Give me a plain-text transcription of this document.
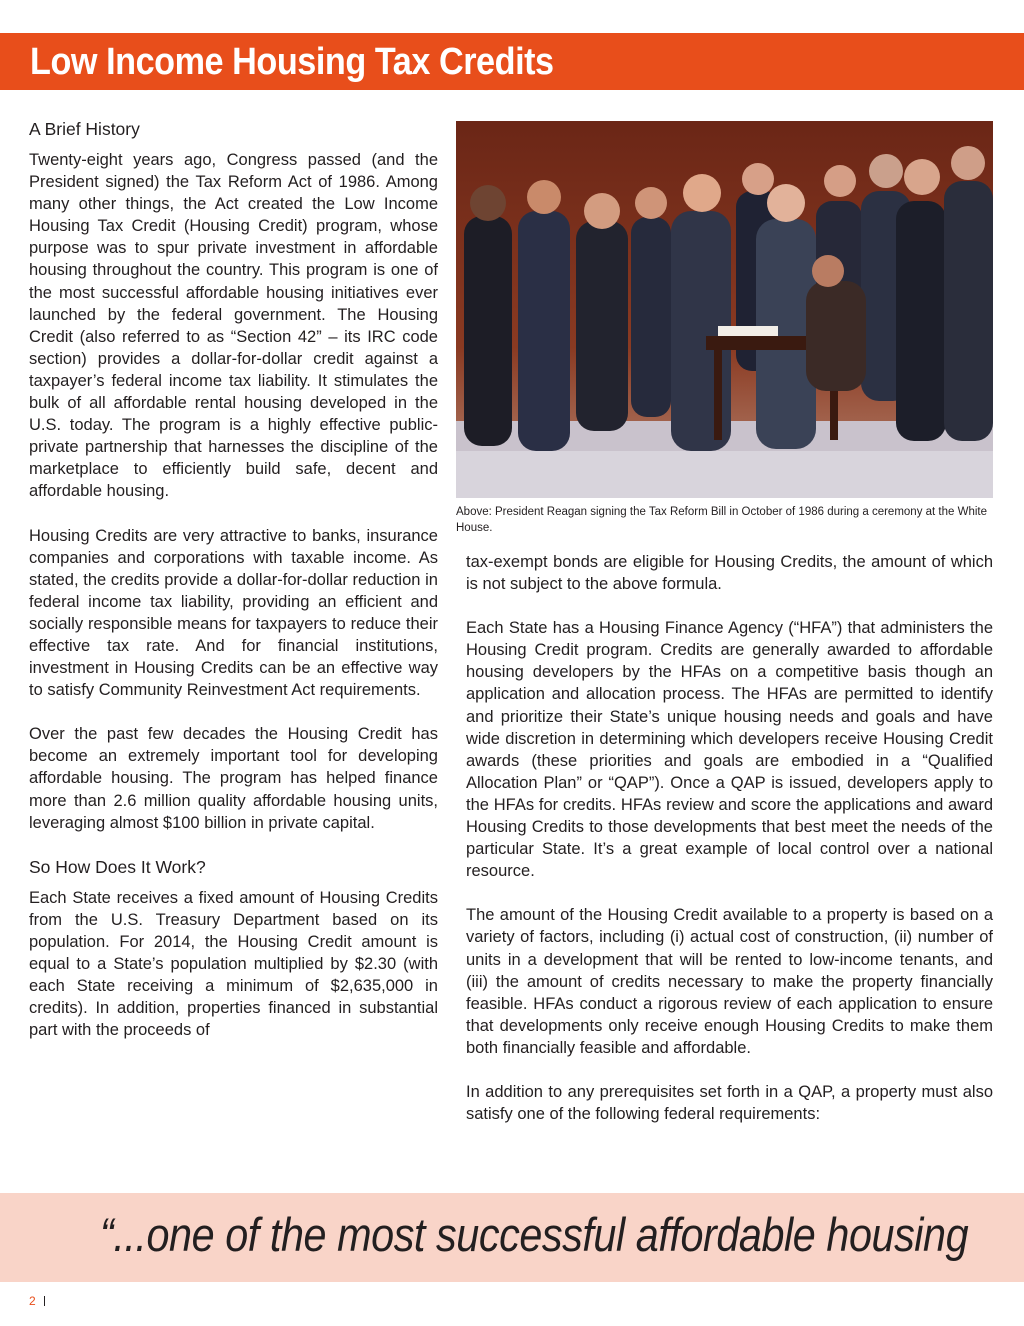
Low Income Housing Tax Credits
A Brief History

Twenty-eight years ago, Congress passed (and the President signed) the Tax Reform Act of 1986. Among many other things, the Act created the Low Income Housing Tax Credit (Housing Credit) program, whose purpose was to spur private investment in affordable housing throughout the country. This program is one of the most successful affordable housing initiatives ever launched by the federal government. The Housing Credit (also referred to as “Section 42” – its IRC code section) provides a dollar-for-dollar credit against a taxpayer’s federal income tax liability. It stimulates the bulk of all affordable rental housing developed in the U.S. today. The program is a highly effective public-private partnership that harnesses the discipline of the marketplace to efficiently build safe, decent and affordable housing.

Housing Credits are very attractive to banks, insurance companies and corporations with taxable income. As stated, the credits provide a dollar-for-dollar reduction in federal income tax liability, providing an efficient and socially responsible means for taxpayers to reduce their effective tax rate. And for financial institutions, investment in Housing Credits can be an effective way to satisfy Community Reinvestment Act requirements.

Over the past few decades the Housing Credit has become an extremely important tool for developing affordable housing. The program has helped finance more than 2.6 million quality affordable housing units, leveraging almost $100 billion in private capital.

So How Does It Work?

Each State receives a fixed amount of Housing Credits from the U.S. Treasury Department based on its population. For 2014, the Housing Credit amount is equal to a State’s population multiplied by $2.30 (with each State receiving a minimum of $2,635,000 in credits). In addition, properties financed in substantial part with the proceeds of

Above: President Reagan signing the Tax Reform Bill in October of 1986 during a ceremony at the White House.

tax-exempt bonds are eligible for Housing Credits, the amount of which is not subject to the above formula.

Each State has a Housing Finance Agency (“HFA”) that administers the Housing Credit program. Credits are generally awarded to affordable housing developers by the HFAs on a competitive basis though an application and allocation process. The HFAs are permitted to identify and prioritize their State’s unique housing needs and goals and have wide discretion in determining which developers receive Housing Credit awards (these priorities and goals are embodied in a “Qualified Allocation Plan” or “QAP”). Once a QAP is issued, developers apply to the HFAs for credits. HFAs review and score the applications and award Housing Credits to those developments that best meet the needs of the particular State. It’s a great example of local control over a national resource.

The amount of the Housing Credit available to a property is based on a variety of factors, including (i) actual cost of construction, (ii) number of units in a development that will be rented to low-income tenants, and (iii) the amount of credits necessary to make the property financially feasible. HFAs conduct a rigorous review of each application to ensure that developments only receive enough Housing Credits to make them both financially feasible and affordable.

In addition to any prerequisites set forth in a QAP, a property must also satisfy one of the following federal requirements:

“...one of the most successful affordable housing
2
